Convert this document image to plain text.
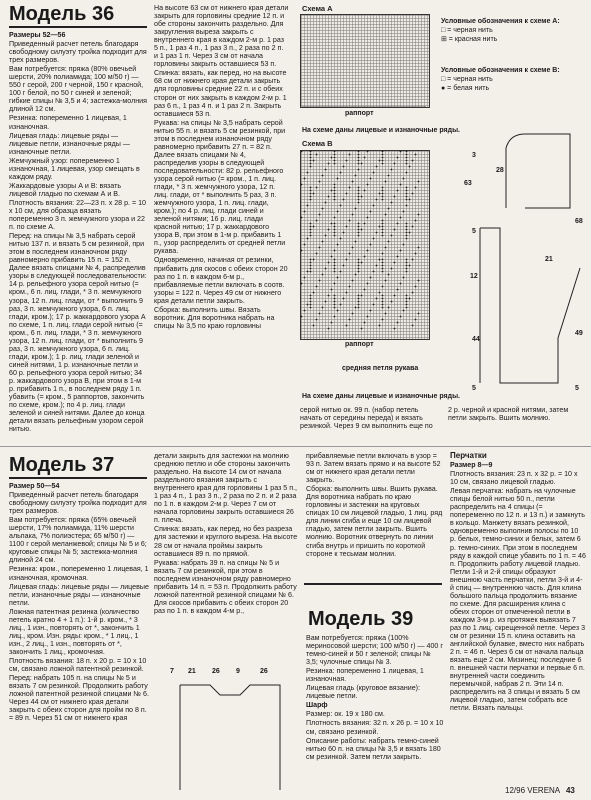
Модель 36

Размеры 52—56

Приведенный расчет петель благодаря свободному силуэту тройка подходит для трех размеров.

Вам потребуется: пряжа (80% овечьей шерсти, 20% полиамида; 100 м/50 г) — 550 г серой, 200 г черной, 150 г красной, 100 г белой, по 50 г синей и зеленой; гибкие спицы № 3,5 и 4; застежка-молния длиной 12 см.

Резинка: попеременно 1 лицевая, 1 изнаночная.

Лицевая гладь: лицевые ряды — лицевые петли, изнаночные ряды — изнаночные петли.

Жемчужный узор: попеременно 1 изнаночная, 1 лицевая, узор смещать в каждом ряду.

Жаккардовые узоры А и В: вязать лицевой гладью по схемам А и В.

Плотность вязания: 22—23 п. x 28 р. = 10 x 10 см, для образца вязать попеременно 3 п. жемчужного узора и 22 п. по схеме А.

Перед: на спицы № 3,5 набрать серой нитью 137 п. и вязать 5 см резинкой, при этом в последнем изнаночном ряду равномерно прибавить 15 п. = 152 п. Далее вязать спицами № 4, распределив узоры в следующей последовательности: 14 р. рельефного узора серой нитью (= кром., 6 п. лиц. глади, * 3 п. жемчужного узора, 12 п. лиц. глади, от * выполнить 9 раз, 3 п. жемчужного узора, 6 п. лиц. глади, кром.); 17 р. жаккардового узора А по схеме, 1 п. лиц. глади серой нитью (= кром., 6 п. лиц. глади, * 3 п. жемчужного узора, 12 п. лиц. глади, от * выполнить 9 раз, 3 п. жемчужного узора, 6 п. лиц. глади, кром.); 1 р. лиц. глади зеленой и синей нитями, 1 р. изнаночные петли и 60 р. рельефного узора серой нитью; 34 р. жаккардового узора В, при этом в 1-м р. прибавить 1 п., в последнем ряду 1 п. убавить (= кром., 5 раппортов, закончить по схеме, кром.); по 4 р. лиц. глади зеленой и синей нитями. Далее до конца детали вязать рельефным узором серой нитью.

На высоте 63 см от нижнего края детали закрыть для горловины средние 12 п. и обе стороны закончить раздельно. Для закругления выреза закрыть с внутреннего края в каждом 2-м р. 1 раз 5 п., 1 раз 4 п., 1 раз 3 п., 2 раза по 2 п. и 1 раз 1 п. Через 3 см от начала горловины закрыть оставшиеся 53 п.

Спинка: вязать, как перед, но на высоте 68 см от нижнего края детали закрыть для горловины средние 22 п. и с обеих сторон от них закрыть в каждом 2-м р. 1 раз 6 п., 1 раз 4 п. и 1 раз 2 п. Закрыть оставшиеся 53 п.

Рукава: на спицы № 3,5 набрать серой нитью 55 п. и вязать 5 см резинкой, при этом в последнем изнаночном ряду равномерно прибавить 27 п. = 82 п. Далее вязать спицами № 4, распределив узоры в следующей последовательности: 82 р. рельефного узора серой нитью (= кром., 1 п. лиц. глади, * 3 п. жемчужного узора, 12 п. лиц. глади, от * выполнить 5 раз, 3 п. жемчужного узора, 1 п. лиц. глади, кром.); по 4 р. лиц. глади синей и зеленой нитями; 16 р. лиц. глади красной нитью; 17 р. жаккардового узора В, при этом в 1-м р. прибавить 1 п., узор распределить от средней петли рукава.

Одновременно, начиная от резинки, прибавить для скосов с обеих сторон 20 раз по 1 п. в каждом 6-м р., прибавляемые петли включать в соотв. узоры = 122 п. Через 49 см от нижнего края детали петли закрыть.

Сборка: выполнить швы. Вязать воротник. Для воротника набрать на спицы № 3,5 по краю горловины

Схема А
раппорт
На схеме даны лицевые и изнаночные ряды.
Схема В
раппорт
средняя петля рукава
На схеме даны лицевые и изнаночные ряды.
Условные обозначения к схеме А:
□ = черная нить
⊞ = красная нить
Условные обозначения к схеме В:
□ = черная нить
● = белая нить
3
28
63
68
5
12
21
44
49
5	5

серой нитью ок. 99 п. (набор петель начать от середины переда) и вязать резинкой. Через 9 см выполнить еще по 2 р. черной и красной нитями, затем петли закрыть. Вшить молнию.

Модель 37

Размер 50—54

Приведенный расчет петель благодаря свободному силуэту тройка подходит для трех размеров.

Вам потребуется: пряжа (65% овечьей шерсти, 17% полиамида, 11% шерсти альпака, 7% полиэстера; 65 м/50 г) — 1100 г серой меланжевой; спицы № 5 и 6; круговые спицы № 5; застежка-молния длиной 24 см.

Резинка: кром., попеременно 1 лицевая, 1 изнаночная, кромочная.

Лицевая гладь: лицевые ряды — лицевые петли, изнаночные ряды — изнаночные петли.

Ложная патентная резинка (количество петель кратно 4 + 1 п.): 1-й р. кром., * 3 лиц., 1 изн., повторять от *, закончить 1 лиц., кром. Изн. ряды: кром., * 1 лиц., 1 изн., 2 лиц., 1 изн., повторять от *, закончить 1 лиц., кромочная.

Плотность вязания: 18 п. x 20 р. = 10 x 10 см, связано ложной патентной резинкой.

Перед: набрать 105 п. на спицы № 5 и вязать 7 см резинкой. Продолжить работу ложной патентной резинкой спицами № 6. Через 44 см от нижнего края детали закрыть с обеих сторон для пройм по 8 п. = 89 п. Через 51 см от нижнего края

детали закрыть для застежки на молнию среднюю петлю и обе стороны закончить раздельно. На высоте 14 см от начала раздельного вязания закрыть с внутреннего края для горловины 1 раз 5 п., 1 раз 4 п., 1 раз 3 п., 2 раза по 2 п. и 2 раза по 1 п. в каждом 2-м р. Через 7 см от начала горловины закрыть оставшиеся 26 п. плеча.

Спинка: вязать, как перед, но без разреза для застежки и круглого выреза. На высоте 28 см от начала проймы закрыть оставшиеся 89 п. по прямой.

Рукава: набрать 39 п. на спицы № 5 и вязать 7 см резинкой, при этом в последнем изнаночном ряду равномерно прибавить 14 п. = 53 п. Продолжить работу ложной патентной резинкой спицами № 6. Для скосов прибавить с обеих сторон 20 раз по 1 п. в каждом 4-м р.,

прибавляемые петли включать в узор = 93 п. Затем вязать прямо и на высоте 52 см от нижнего края детали петли закрыть.

Сборка: выполнить швы. Вшить рукава. Для воротника набрать по краю горловины и застежки на круговых спицах 10 см лицевой гладью, 1 лиц. ряд для линии сгиба и еще 10 см лицевой гладью, затем петли закрыть. Вшить молнию. Воротник отвернуть по линии сгиба внутрь и пришить по короткой стороне к тесьмам молнии.

7 21 26 9	26
Модель 39

Вам потребуется: пряжа (100% мериносовой шерсти; 100 м/50 г) — 400 г темно-синей и 50 г зеленой; спицы № 3,5; чулочные спицы № 3.

Резинка: попеременно 1 лицевая, 1 изнаночная.

Лицевая гладь (круговое вязание): лицевые петли.

Шарф

Размер: ок. 19 x 180 см.

Плотность вязания: 32 п. x 26 р. = 10 x 10 см, связано резинкой.

Описание работы: набрать темно-синей нитью 60 п. на спицы № 3,5 и вязать 180 см резинкой. Затем петли закрыть.

Перчатки

Размер 8—9

Плотность вязания: 23 п. x 32 р. = 10 x 10 см, связано лицевой гладью.

Левая перчатка: набрать на чулочные спицы белой нитью 50 п., петли распределить на 4 спицы (= попеременно по 12 п. и 13 п.) и замкнуть в кольцо. Манжету вязать резинкой, одновременно выполнив полосы по 10 р. белых, темно-синих и белых, затем 6 р. темно-синих. При этом в последнем ряду в каждой спице убавить по 1 п. = 46 п. Продолжить работу лицевой гладью. Петли 1-й и 2-й спицы образуют внешнюю часть перчатки, петли 3-й и 4-й спиц — внутреннюю часть. Для клина большого пальца продолжить вязание по схеме. Для расширения клина с обеих сторон от отмеченной петли в каждом 3-м р. из протяжек вывязать 7 раз по 1 лиц. скрещенной петле. Через 3 см от резинки 15 п. клина оставить на английской булавке, вместо них набрать 2 п. = 46 п. Через 6 см от начала пальца вязать еще 2 см. Мизинец: последние 6 п. внешней части перчатки и первые 6 п. внутренней части соединить перемычкой, набрав 2 п. Эти 14 п. распределить на 3 спицы и вязать 5 см лицевой гладью, затем собрать все петли. Вязать пальцы.

12/96 VERENA 43
